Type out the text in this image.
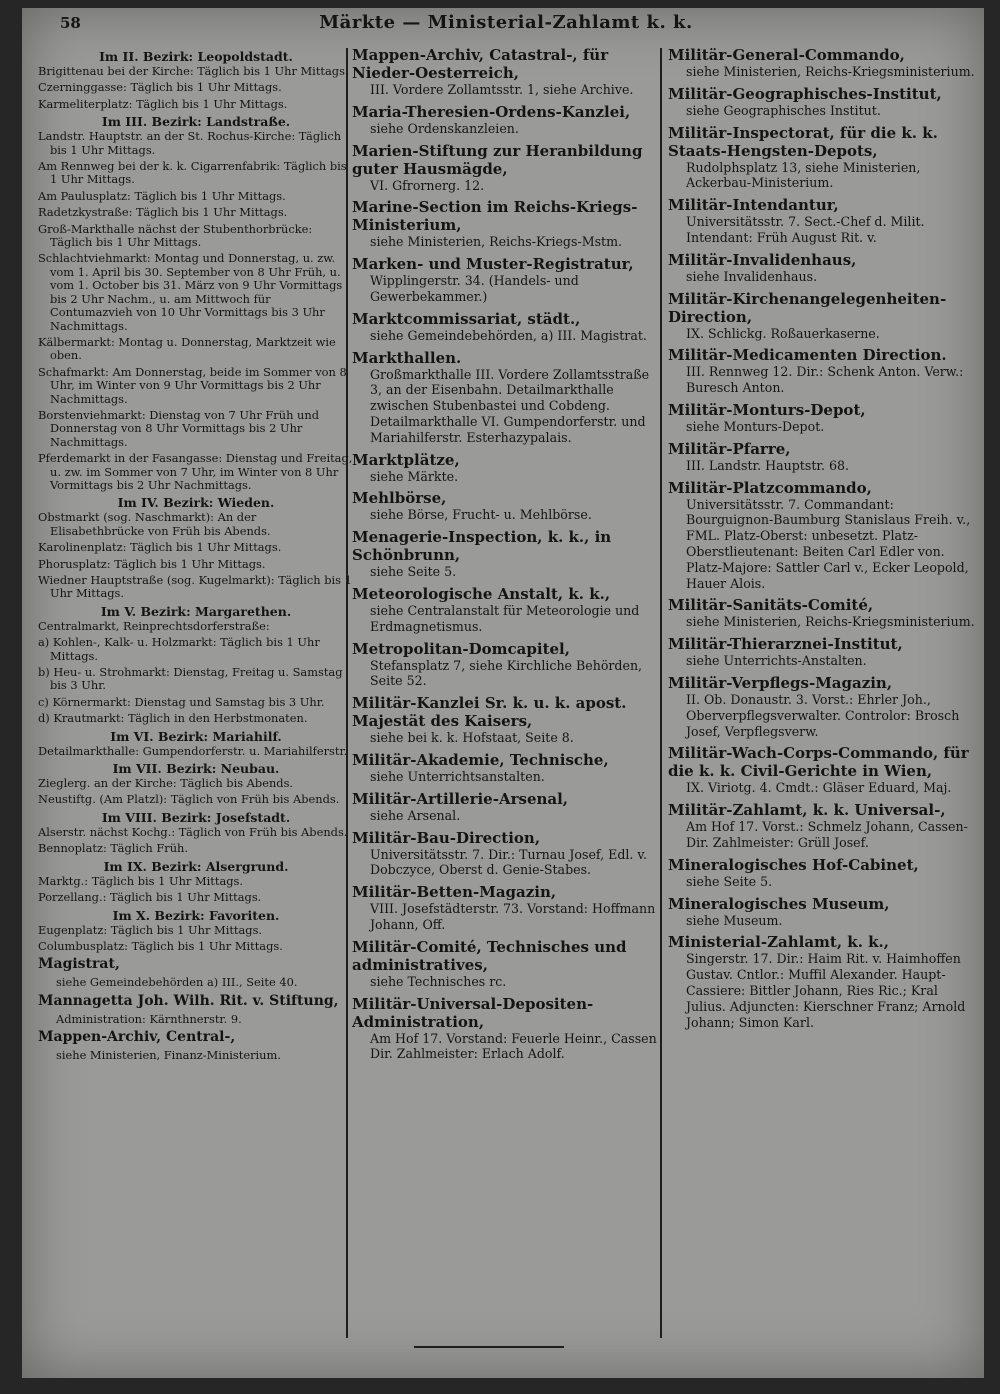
58	Märkte — Ministerial-Zahlamt k. k.
Im II. Bezirk: Leopoldstadt.
Brigittenau bei der Kirche: Täglich bis 1 Uhr Mittags.
Czerninggasse: Täglich bis 1 Uhr Mittags.
Karmeliterplatz: Täglich bis 1 Uhr Mittags.
Im III. Bezirk: Landstraße.
Landstr. Hauptstr. an der St. Rochus-Kirche: Täglich bis 1 Uhr Mittags.
Am Rennweg bei der k. k. Cigarrenfabrik: Täglich bis 1 Uhr Mittags.
Am Paulusplatz: Täglich bis 1 Uhr Mittags.
Radetzkystraße: Täglich bis 1 Uhr Mittags.
Groß-Markthalle nächst der Stubenthorbrücke: Täglich bis 1 Uhr Mittags.
Schlachtviehmarkt: Montag und Donnerstag, u. zw. vom 1. April bis 30. September von 8 Uhr Früh, u. vom 1. October bis 31. März von 9 Uhr Vormittags bis 2 Uhr Nachm., u. am Mittwoch für Contumazvieh von 10 Uhr Vormittags bis 3 Uhr Nachmittags.
Kälbermarkt: Montag u. Donnerstag, Marktzeit wie oben.
Schafmarkt: Am Donnerstag, beide im Sommer von 8 Uhr, im Winter von 9 Uhr Vormittags bis 2 Uhr Nachmittags.
Borstenviehmarkt: Dienstag von 7 Uhr Früh und Donnerstag von 8 Uhr Vormittags bis 2 Uhr Nachmittags.
Pferdemarkt in der Fasangasse: Dienstag und Freitag, u. zw. im Sommer von 7 Uhr, im Winter von 8 Uhr Vormittags bis 2 Uhr Nachmittags.
Im IV. Bezirk: Wieden.
Obstmarkt (sog. Naschmarkt): An der Elisabethbrücke von Früh bis Abends.
Karolinenplatz: Täglich bis 1 Uhr Mittags.
Phorusplatz: Täglich bis 1 Uhr Mittags.
Wiedner Hauptstraße (sog. Kugelmarkt): Täglich bis 1 Uhr Mittags.
Im V. Bezirk: Margarethen.
Centralmarkt, Reinprechtsdorferstraße:
a) Kohlen-, Kalk- u. Holzmarkt: Täglich bis 1 Uhr Mittags.
b) Heu- u. Strohmarkt: Dienstag, Freitag u. Samstag bis 3 Uhr.
c) Körnermarkt: Dienstag und Samstag bis 3 Uhr.
d) Krautmarkt: Täglich in den Herbstmonaten.
Im VI. Bezirk: Mariahilf.
Detailmarkthalle: Gumpendorferstr. u. Mariahilferstr.
Im VII. Bezirk: Neubau.
Zieglerg. an der Kirche: Täglich bis Abends.
Neustiftg. (Am Platzl): Täglich von Früh bis Abends.
Im VIII. Bezirk: Josefstadt.
Alserstr. nächst Kochg.: Täglich von Früh bis Abends.
Bennoplatz: Täglich Früh.
Im IX. Bezirk: Alsergrund.
Marktg.: Täglich bis 1 Uhr Mittags.
Porzellang.: Täglich bis 1 Uhr Mittags.
Im X. Bezirk: Favoriten.
Eugenplatz: Täglich bis 1 Uhr Mittags.
Columbusplatz: Täglich bis 1 Uhr Mittags.
Magistrat,
siehe Gemeindebehörden a) III., Seite 40.
Mannagetta Joh. Wilh. Rit. v. Stiftung,
Administration: Kärnthnerstr. 9.
Mappen-Archiv, Central-,
siehe Ministerien, Finanz-Ministerium.
Mappen-Archiv, Catastral-, für Nieder-Oesterreich,
III. Vordere Zollamtsstr. 1, siehe Archive.
Maria-Theresien-Ordens-Kanzlei,
siehe Ordenskanzleien.
Marien-Stiftung zur Heranbildung guter Hausmägde,
VI. Gfrornerg. 12.
Marine-Section im Reichs-Kriegs-Ministerium,
siehe Ministerien, Reichs-Kriegs-Mstm.
Marken- und Muster-Registratur,
Wipplingerstr. 34. (Handels- und Gewerbekammer.)
Marktcommissariat, städt.,
siehe Gemeindebehörden, a) III. Magistrat.
Markthallen.
Großmarkthalle III. Vordere Zollamtsstraße 3, an der Eisenbahn. Detailmarkthalle zwischen Stubenbastei und Cobdeng. Detailmarkthalle VI. Gumpendorferstr. und Mariahilferstr. Esterhazypalais.
Marktplätze,
siehe Märkte.
Mehlbörse,
siehe Börse, Frucht- u. Mehlbörse.
Menagerie-Inspection, k. k., in Schönbrunn,
siehe Seite 5.
Meteorologische Anstalt, k. k.,
siehe Centralanstalt für Meteorologie und Erdmagnetismus.
Metropolitan-Domcapitel,
Stefansplatz 7, siehe Kirchliche Behörden, Seite 52.
Militär-Kanzlei Sr. k. u. k. apost. Majestät des Kaisers,
siehe bei k. k. Hofstaat, Seite 8.
Militär-Akademie, Technische,
siehe Unterrichtsanstalten.
Militär-Artillerie-Arsenal,
siehe Arsenal.
Militär-Bau-Direction,
Universitätsstr. 7. Dir.: Turnau Josef, Edl. v. Dobczyce, Oberst d. Genie-Stabes.
Militär-Betten-Magazin,
VIII. Josefstädterstr. 73. Vorstand: Hoffmann Johann, Off.
Militär-Comité, Technisches und administratives,
siehe Technisches rc.
Militär-Universal-Depositen-Administration,
Am Hof 17. Vorstand: Feuerle Heinr., Cassen Dir. Zahlmeister: Erlach Adolf.
Militär-General-Commando,
siehe Ministerien, Reichs-Kriegsministerium.
Militär-Geographisches-Institut,
siehe Geographisches Institut.
Militär-Inspectorat, für die k. k. Staats-Hengsten-Depots,
Rudolphsplatz 13, siehe Ministerien, Ackerbau-Ministerium.
Militär-Intendantur,
Universitätsstr. 7. Sect.-Chef d. Milit. Intendant: Früh August Rit. v.
Militär-Invalidenhaus,
siehe Invalidenhaus.
Militär-Kirchenangelegenheiten-Direction,
IX. Schlickg. Roßauerkaserne.
Militär-Medicamenten Direction.
III. Rennweg 12. Dir.: Schenk Anton. Verw.: Buresch Anton.
Militär-Monturs-Depot,
siehe Monturs-Depot.
Militär-Pfarre,
III. Landstr. Hauptstr. 68.
Militär-Platzcommando,
Universitätsstr. 7. Commandant: Bourguignon-Baumburg Stanislaus Freih. v., FML. Platz-Oberst: unbesetzt. Platz-Oberstlieutenant: Beiten Carl Edler von. Platz-Majore: Sattler Carl v., Ecker Leopold, Hauer Alois.
Militär-Sanitäts-Comité,
siehe Ministerien, Reichs-Kriegsministerium.
Militär-Thierarznei-Institut,
siehe Unterrichts-Anstalten.
Militär-Verpflegs-Magazin,
II. Ob. Donaustr. 3. Vorst.: Ehrler Joh., Oberverpflegsverwalter. Controlor: Brosch Josef, Verpflegsverw.
Militär-Wach-Corps-Commando, für die k. k. Civil-Gerichte in Wien,
IX. Viriotg. 4. Cmdt.: Gläser Eduard, Maj.
Militär-Zahlamt, k. k. Universal-,
Am Hof 17. Vorst.: Schmelz Johann, Cassen-Dir. Zahlmeister: Grüll Josef.
Mineralogisches Hof-Cabinet,
siehe Seite 5.
Mineralogisches Museum,
siehe Museum.
Ministerial-Zahlamt, k. k.,
Singerstr. 17. Dir.: Haim Rit. v. Haimhoffen Gustav. Cntlor.: Muffil Alexander. Haupt-Cassiere: Bittler Johann, Ries Ric.; Kral Julius. Adjuncten: Kierschner Franz; Arnold Johann; Simon Karl.
